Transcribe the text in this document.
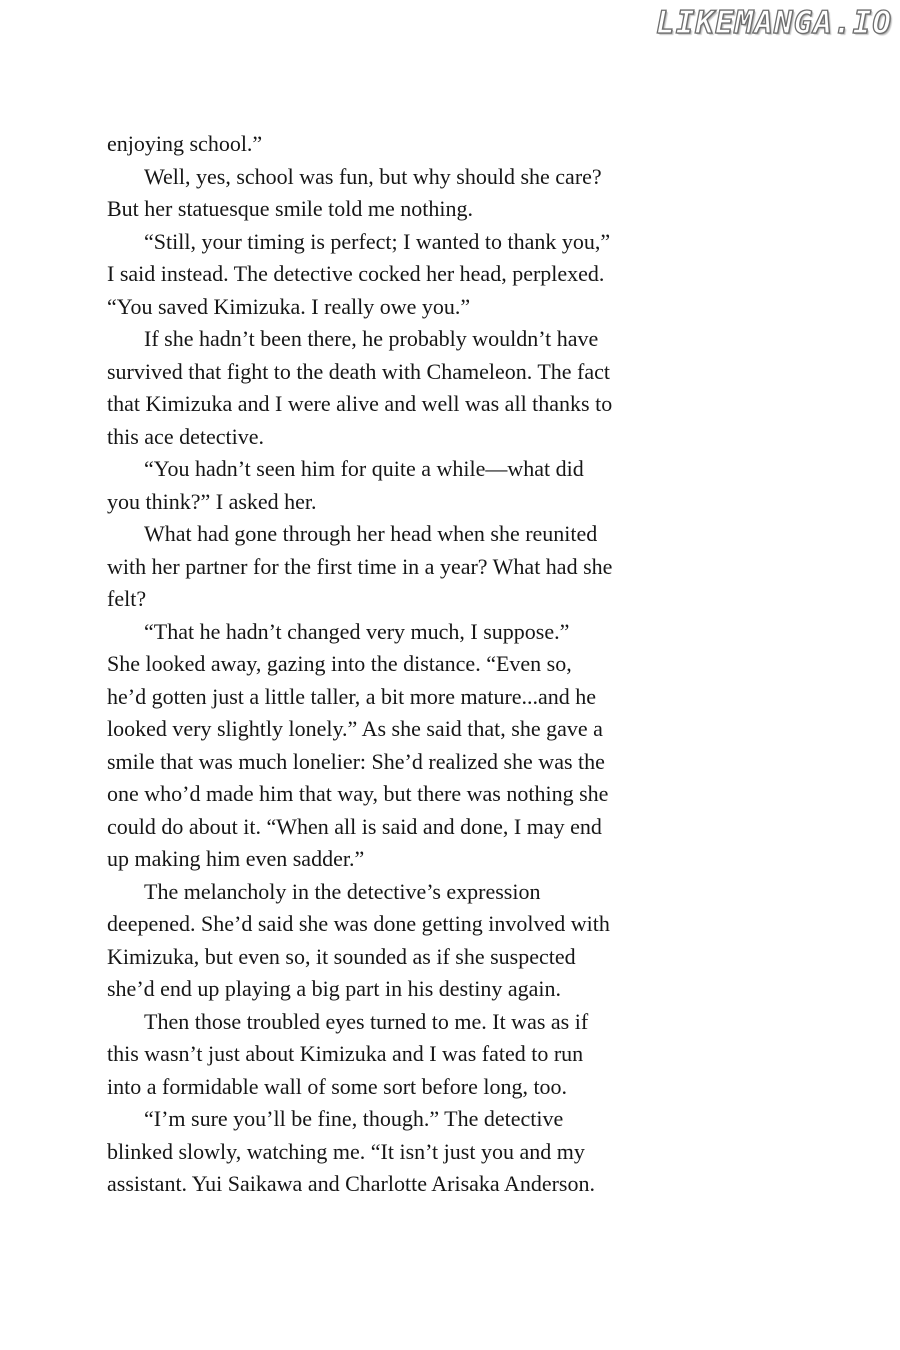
LIKEMANGA.IO
enjoying school.”
Well, yes, school was fun, but why should she care?
But her statuesque smile told me nothing.
“Still, your timing is perfect; I wanted to thank you,”
I said instead. The detective cocked her head, perplexed.
“You saved Kimizuka. I really owe you.”
If she hadn’t been there, he probably wouldn’t have
survived that fight to the death with Chameleon. The fact
that Kimizuka and I were alive and well was all thanks to
this ace detective.
“You hadn’t seen him for quite a while—what did
you think?” I asked her.
What had gone through her head when she reunited
with her partner for the first time in a year? What had she
felt?
“That he hadn’t changed very much, I suppose.”
She looked away, gazing into the distance. “Even so,
he’d gotten just a little taller, a bit more mature...and he
looked very slightly lonely.” As she said that, she gave a
smile that was much lonelier: She’d realized she was the
one who’d made him that way, but there was nothing she
could do about it. “When all is said and done, I may end
up making him even sadder.”
The melancholy in the detective’s expression
deepened. She’d said she was done getting involved with
Kimizuka, but even so, it sounded as if she suspected
she’d end up playing a big part in his destiny again.
Then those troubled eyes turned to me. It was as if
this wasn’t just about Kimizuka and I was fated to run
into a formidable wall of some sort before long, too.
“I’m sure you’ll be fine, though.” The detective
blinked slowly, watching me. “It isn’t just you and my
assistant. Yui Saikawa and Charlotte Arisaka Anderson.
